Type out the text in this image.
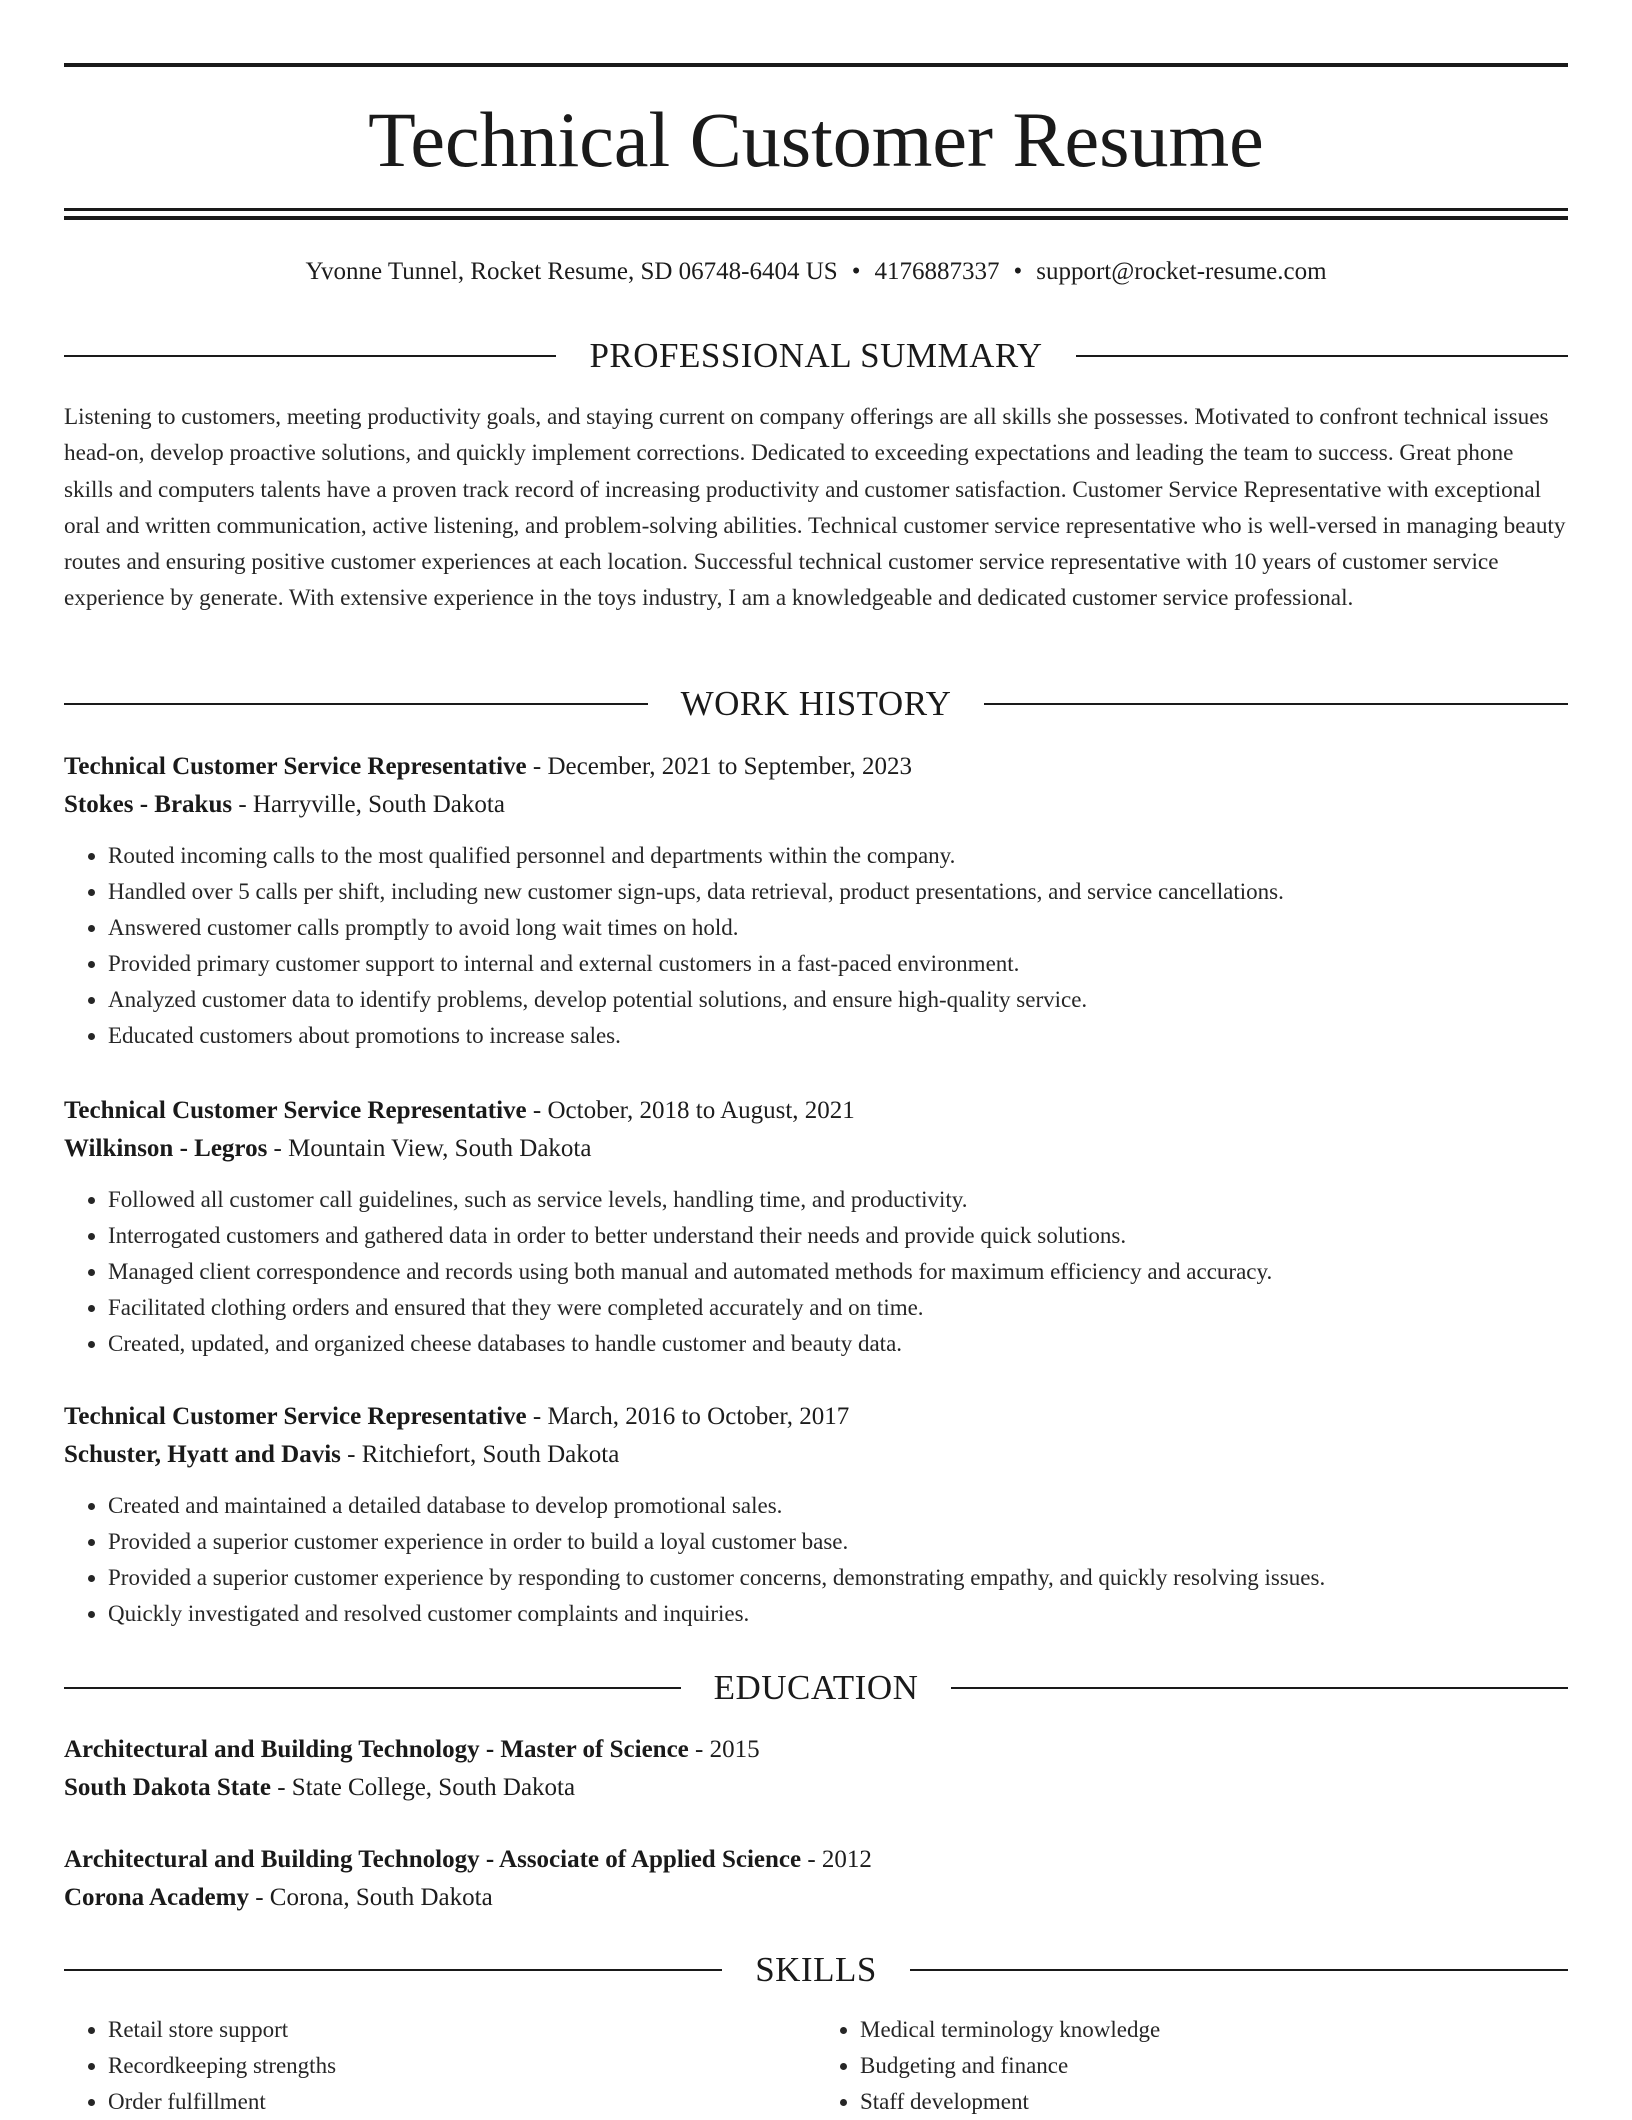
Technical Customer Resume
Yvonne Tunnel, Rocket Resume, SD 06748-6404 US • 4176887337 • support@rocket-resume.com
PROFESSIONAL SUMMARY

Listening to customers, meeting productivity goals, and staying current on company offerings are all skills she possesses. Motivated to confront technical issues head-on, develop proactive solutions, and quickly implement corrections. Dedicated to exceeding expectations and leading the team to success. Great phone skills and computers talents have a proven track record of increasing productivity and customer satisfaction. Customer Service Representative with exceptional oral and written communication, active listening, and problem-solving abilities. Technical customer service representative who is well-versed in managing beauty routes and ensuring positive customer experiences at each location. Successful technical customer service representative with 10 years of customer service experience by generate. With extensive experience in the toys industry, I am a knowledgeable and dedicated customer service professional.

WORK HISTORY
Technical Customer Service Representative - December, 2021 to September, 2023
Stokes - Brakus - Harryville, South Dakota
• Routed incoming calls to the most qualified personnel and departments within the company.
• Handled over 5 calls per shift, including new customer sign-ups, data retrieval, product presentations, and service cancellations.
• Answered customer calls promptly to avoid long wait times on hold.
• Provided primary customer support to internal and external customers in a fast-paced environment.
• Analyzed customer data to identify problems, develop potential solutions, and ensure high-quality service.
• Educated customers about promotions to increase sales.
Technical Customer Service Representative - October, 2018 to August, 2021
Wilkinson - Legros - Mountain View, South Dakota
• Followed all customer call guidelines, such as service levels, handling time, and productivity.
• Interrogated customers and gathered data in order to better understand their needs and provide quick solutions.
• Managed client correspondence and records using both manual and automated methods for maximum efficiency and accuracy.
• Facilitated clothing orders and ensured that they were completed accurately and on time.
• Created, updated, and organized cheese databases to handle customer and beauty data.
Technical Customer Service Representative - March, 2016 to October, 2017
Schuster, Hyatt and Davis - Ritchiefort, South Dakota
• Created and maintained a detailed database to develop promotional sales.
• Provided a superior customer experience in order to build a loyal customer base.
• Provided a superior customer experience by responding to customer concerns, demonstrating empathy, and quickly resolving issues.
• Quickly investigated and resolved customer complaints and inquiries.
EDUCATION
Architectural and Building Technology - Master of Science - 2015
South Dakota State - State College, South Dakota
Architectural and Building Technology - Associate of Applied Science - 2012
Corona Academy - Corona, South Dakota
SKILLS
• Retail store support
• Recordkeeping strengths
• Order fulfillment
• Medical terminology knowledge
• Budgeting and finance
• Staff development
